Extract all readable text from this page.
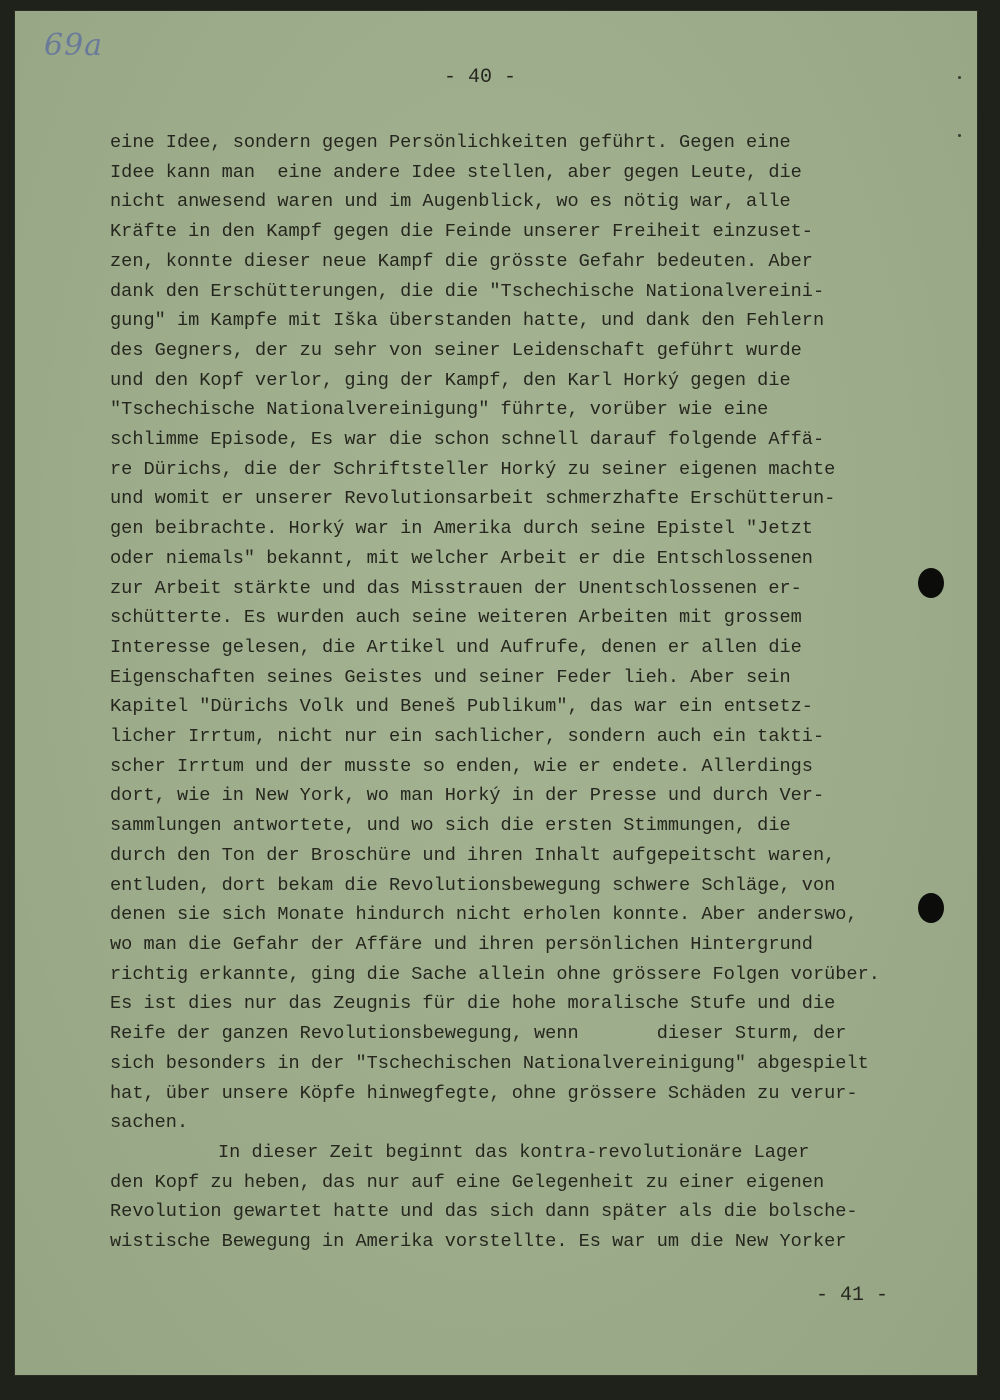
69a
- 40 -
eine Idee, sondern gegen Persönlichkeiten geführt. Gegen eine
Idee kann man  eine andere Idee stellen, aber gegen Leute, die
nicht anwesend waren und im Augenblick, wo es nötig war, alle
Kräfte in den Kampf gegen die Feinde unserer Freiheit einzuset-
zen, konnte dieser neue Kampf die grösste Gefahr bedeuten. Aber
dank den Erschütterungen, die die "Tschechische Nationalvereini-
gung" im Kampfe mit Iška überstanden hatte, und dank den Fehlern
des Gegners, der zu sehr von seiner Leidenschaft geführt wurde
und den Kopf verlor, ging der Kampf, den Karl Horký gegen die
"Tschechische Nationalvereinigung" führte, vorüber wie eine
schlimme Episode, Es war die schon schnell darauf folgende Affä-
re Dürichs, die der Schriftsteller Horký zu seiner eigenen machte
und womit er unserer Revolutionsarbeit schmerzhafte Erschütterun-
gen beibrachte. Horký war in Amerika durch seine Epistel "Jetzt
oder niemals" bekannt, mit welcher Arbeit er die Entschlossenen
zur Arbeit stärkte und das Misstrauen der Unentschlossenen er-
schütterte. Es wurden auch seine weiteren Arbeiten mit grossem
Interesse gelesen, die Artikel und Aufrufe, denen er allen die
Eigenschaften seines Geistes und seiner Feder lieh. Aber sein
Kapitel "Dürichs Volk und Beneš Publikum", das war ein entsetz-
licher Irrtum, nicht nur ein sachlicher, sondern auch ein takti-
scher Irrtum und der musste so enden, wie er endete. Allerdings
dort, wie in New York, wo man Horký in der Presse und durch Ver-
sammlungen antwortete, und wo sich die ersten Stimmungen, die
durch den Ton der Broschüre und ihren Inhalt aufgepeitscht waren,
entluden, dort bekam die Revolutionsbewegung schwere Schläge, von
denen sie sich Monate hindurch nicht erholen konnte. Aber anderswo,
wo man die Gefahr der Affäre und ihren persönlichen Hintergrund
richtig erkannte, ging die Sache allein ohne grössere Folgen vorüber.
Es ist dies nur das Zeugnis für die hohe moralische Stufe und die
Reife der ganzen Revolutionsbewegung, wenn       dieser Sturm, der
sich besonders in der "Tschechischen Nationalvereinigung" abgespielt
hat, über unsere Köpfe hinwegfegte, ohne grössere Schäden zu verur-
sachen.
In dieser Zeit beginnt das kontra-revolutionäre Lager
den Kopf zu heben, das nur auf eine Gelegenheit zu einer eigenen
Revolution gewartet hatte und das sich dann später als die bolsche-
wistische Bewegung in Amerika vorstellte. Es war um die New Yorker
- 41 -
